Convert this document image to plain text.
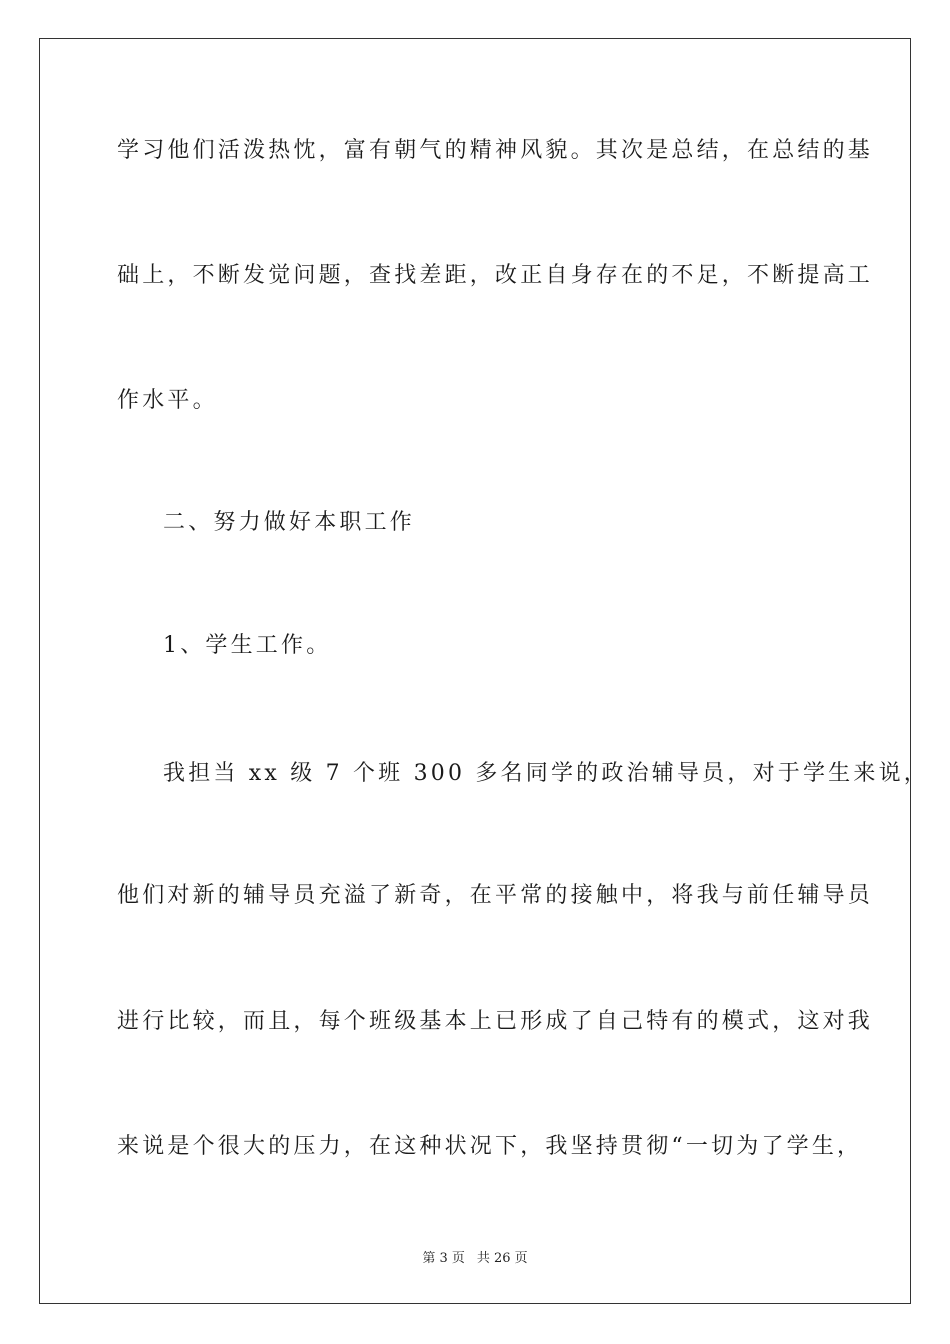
学习他们活泼热忱，富有朝气的精神风貌。其次是总结，在总结的基
础上，不断发觉问题，查找差距，改正自身存在的不足，不断提高工
作水平。
二、努力做好本职工作
1、学生工作。
我担当 xx 级 7 个班 300 多名同学的政治辅导员，对于学生来说，
他们对新的辅导员充溢了新奇，在平常的接触中，将我与前任辅导员
进行比较，而且，每个班级基本上已形成了自己特有的模式，这对我
来说是个很大的压力，在这种状况下，我坚持贯彻“一切为了学生，
第 3 页 共 26 页
